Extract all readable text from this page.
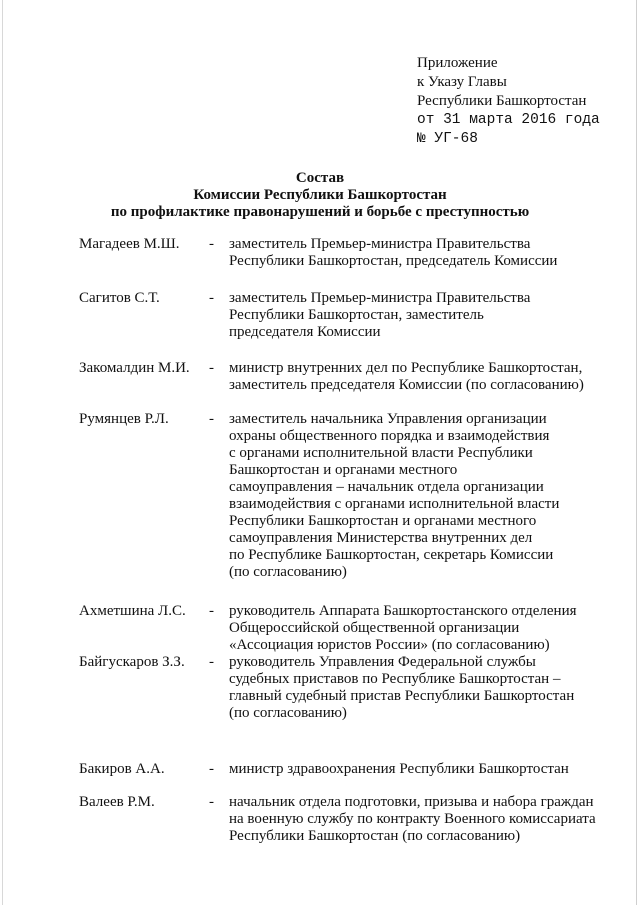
Приложение
к Указу Главы
Республики Башкортостан
от 31 марта 2016 года
№ УГ-68
Состав
Комиссии Республики Башкортостан
по профилактике правонарушений и борьбе с преступностью
Магадеев М.Ш. - заместитель Премьер-министра Правительства
Республики Башкортостан, председатель Комиссии
Сагитов С.Т.	- заместитель Премьер-министра Правительства
Республики Башкортостан, заместитель
председателя Комиссии
Закомалдин М.И. - министр внутренних дел по Республике Башкортостан,
заместитель председателя Комиссии (по согласованию)
Румянцев Р.Л.	- заместитель начальника Управления организации
охраны общественного порядка и взаимодействия
с органами исполнительной власти Республики
Башкортостан и органами местного
самоуправления – начальник отдела организации
взаимодействия с органами исполнительной власти
Республики Башкортостан и органами местного
самоуправления Министерства внутренних дел
по Республике Башкортостан, секретарь Комиссии
(по согласованию)
Ахметшина Л.С. - руководитель Аппарата Башкортостанского отделения
Общероссийской общественной организации
«Ассоциация юристов России» (по согласованию)
Байгускаров З.З. - руководитель Управления Федеральной службы
судебных приставов по Республике Башкортостан –
главный судебный пристав Республики Башкортостан
(по согласованию)
Бакиров А.А.	- министр здравоохранения Республики Башкортостан
Валеев Р.М.	- начальник отдела подготовки, призыва и набора граждан
на военную службу по контракту Военного комиссариата
Республики Башкортостан (по согласованию)
